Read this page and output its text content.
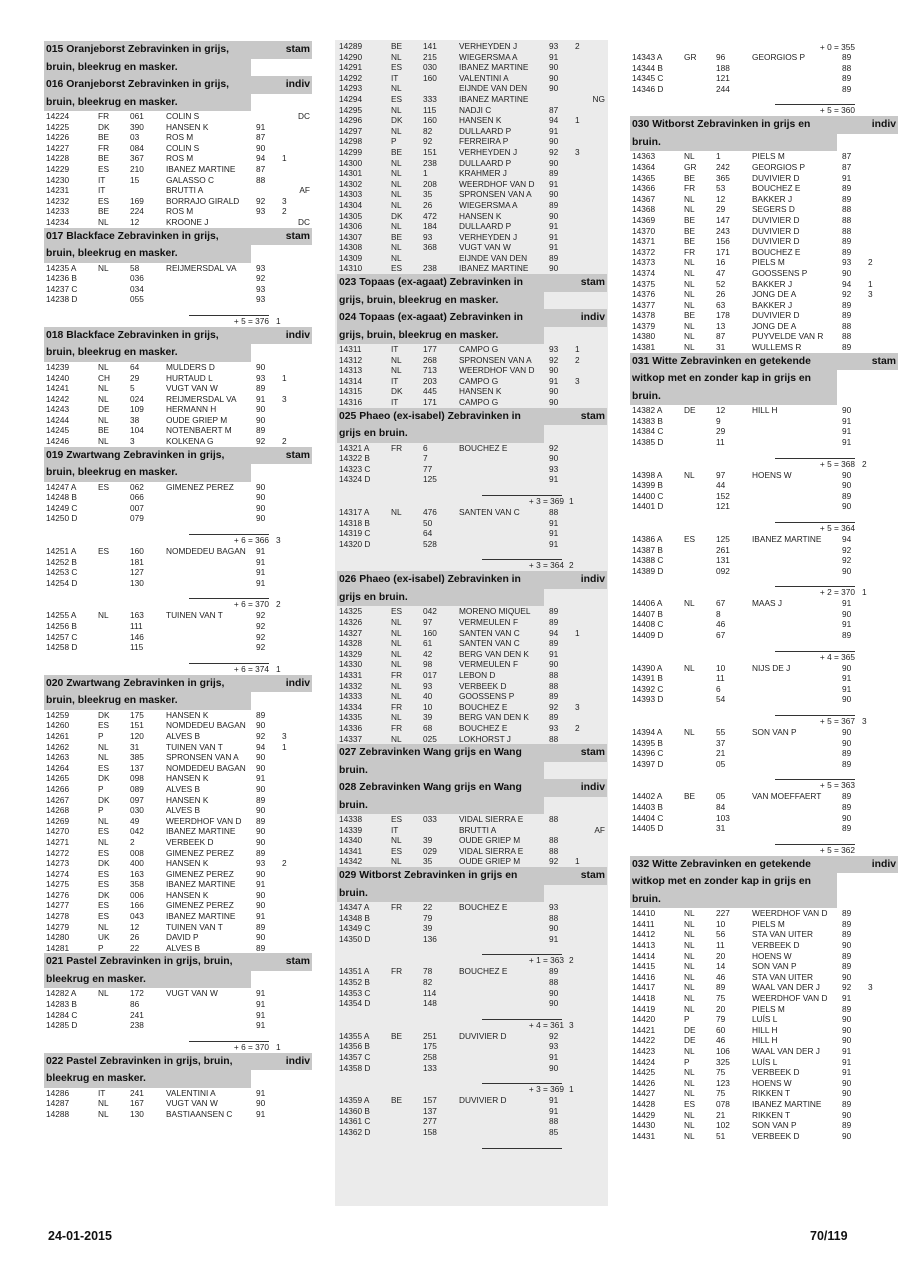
015 Oranjeborst Zebravinken in grijs,	stam
bruin, bleekrug en masker.
016 Oranjeborst Zebravinken in grijs,	indiv
bruin, bleekrug en masker.
14224	FR	061	COLIN S	DC
14225	DK	390	HANSEN K	91
14226	BE	03	ROS M	87
14227	FR	084	COLIN S	90
14228	BE	367	ROS M	94	1
14229	ES	210	IBANEZ MARTINE	87
14230	IT	15	GALASSO C	88
14231	IT	BRUTTI A	AF
14232	ES	169	BORRAJO GIRALD	92	3
14233	BE	224	ROS M	93	2
14234	NL	12	KROONE J	DC
017 Blackface Zebravinken in grijs,	stam
bruin, bleekrug en masker.
14235 A	NL	58	REIJMERSDAL VA	93
14236 B	036	92
14237 C	034	93
14238 D	055	93
+ 5 = 376 1
018 Blackface Zebravinken in grijs,	indiv
bruin, bleekrug en masker.
14239	NL	64	MULDERS D	90
14240	CH	29	HURTAUD L	93	1
14241	NL	5	VUGT VAN W	89
14242	NL	024	REIJMERSDAL VA	91	3
14243	DE	109	HERMANN H	90
14244	NL	38	OUDE GRIEP M	90
14245	BE	104	NOTENBAERT M	89
14246	NL	3	KOLKENA G	92	2
019 Zwartwang Zebravinken in grijs,	stam
bruin, bleekrug en masker.
14247 A	ES	062	GIMENEZ PEREZ	90
14248 B	066	90
14249 C	007	90
14250 D	079	90
+ 6 = 366 3
14251 A	ES	160	NOMDEDEU BAGAN	91
14252 B	181	91
14253 C	127	91
14254 D	130	91
+ 6 = 370 2
14255 A	NL	163	TUINEN VAN T	92
14256 B	111	92
14257 C	146	92
14258 D	115	92
+ 6 = 374 1
020 Zwartwang Zebravinken in grijs,	indiv
bruin, bleekrug en masker.
14259	DK	175	HANSEN K	89
14260	ES	151	NOMDEDEU BAGAN	90
14261	P	120	ALVES B	92	3
14262	NL	31	TUINEN VAN T	94	1
14263	NL	385	SPRONSEN VAN A	90
14264	ES	137	NOMDEDEU BAGAN	90
14265	DK	098	HANSEN K	91
14266	P	089	ALVES B	90
14267	DK	097	HANSEN K	89
14268	P	030	ALVES B	90
14269	NL	49	WEERDHOF VAN D	89
14270	ES	042	IBANEZ MARTINE	90
14271	NL	2	VERBEEK D	90
14272	ES	008	GIMENEZ PEREZ	89
14273	DK	400	HANSEN K	93	2
14274	ES	163	GIMENEZ PEREZ	90
14275	ES	358	IBANEZ MARTINE	91
14276	DK	006	HANSEN K	90
14277	ES	166	GIMENEZ PEREZ	90
14278	ES	043	IBANEZ MARTINE	91
14279	NL	12	TUINEN VAN T	89
14280	UK	26	DAVID P	90
14281	P	22	ALVES B	89
021 Pastel Zebravinken in grijs, bruin,	stam
bleekrug en masker.
14282 A	NL	172	VUGT VAN W	91
14283 B	86	91
14284 C	241	91
14285 D	238	91
+ 6 = 370 1
022 Pastel Zebravinken in grijs, bruin,	indiv
bleekrug en masker.
14286	IT	241	VALENTINI A	91
14287	NL	167	VUGT VAN W	90
14288	NL	130	BASTIAANSEN C	91
14289	BE	141	VERHEYDEN J	93	2
14290	NL	215	WIEGERSMA A	91
14291	ES	030	IBANEZ MARTINE	90
14292	IT	160	VALENTINI A	90
14293	NL	EIJNDE VAN DEN	90
14294	ES	333	IBANEZ MARTINE	NG
14295	NL	115	NADJI C	87
14296	DK	160	HANSEN K	94	1
14297	NL	82	DULLAARD P	91
14298	P	92	FERREIRA P	90
14299	BE	151	VERHEYDEN J	92	3
14300	NL	238	DULLAARD P	90
14301	NL	1	KRAHMER J	89
14302	NL	208	WEERDHOF VAN D	91
14303	NL	35	SPRONSEN VAN A	90
14304	NL	26	WIEGERSMA A	89
14305	DK	472	HANSEN K	90
14306	NL	184	DULLAARD P	91
14307	BE	93	VERHEYDEN J	91
14308	NL	368	VUGT VAN W	91
14309	NL	EIJNDE VAN DEN	89
14310	ES	238	IBANEZ MARTINE	90
023 Topaas (ex-agaat) Zebravinken in	stam
grijs, bruin, bleekrug en masker.
024 Topaas (ex-agaat) Zebravinken in	indiv
grijs, bruin, bleekrug en masker.
14311	IT	177	CAMPO G	93	1
14312	NL	268	SPRONSEN VAN A	92	2
14313	NL	713	WEERDHOF VAN D	90
14314	IT	203	CAMPO G	91	3
14315	DK	445	HANSEN K	90
14316	IT	171	CAMPO G	90
025 Phaeo (ex-isabel) Zebravinken in	stam
grijs en bruin.
14321 A	FR	6	BOUCHEZ E	92
14322 B	7	90
14323 C	77	93
14324 D	125	91
+ 3 = 369 1
14317 A	NL	476	SANTEN VAN C	88
14318 B	50	91
14319 C	64	91
14320 D	528	91
+ 3 = 364 2
026 Phaeo (ex-isabel) Zebravinken in	indiv
grijs en bruin.
14325	ES	042	MORENO MIQUEL	89
14326	NL	97	VERMEULEN F	89
14327	NL	160	SANTEN VAN C	94	1
14328	NL	61	SANTEN VAN C	89
14329	NL	42	BERG VAN DEN K	91
14330	NL	98	VERMEULEN F	90
14331	FR	017	LEBON D	88
14332	NL	93	VERBEEK D	88
14333	NL	40	GOOSSENS P	89
14334	FR	10	BOUCHEZ E	92	3
14335	NL	39	BERG VAN DEN K	89
14336	FR	68	BOUCHEZ E	93	2
14337	NL	025	LOKHORST J	88
027 Zebravinken Wang grijs en Wang	stam
bruin.
028 Zebravinken Wang grijs en Wang	indiv
bruin.
14338	ES	033	VIDAL SIERRA E	88
14339	IT	BRUTTI A	AF
14340	NL	39	OUDE GRIEP M	88
14341	ES	029	VIDAL SIERRA E	88
14342	NL	35	OUDE GRIEP M	92	1
029 Witborst Zebravinken in grijs en	stam
bruin.
14347 A	FR	22	BOUCHEZ E	93
14348 B	79	88
14349 C	39	90
14350 D	136	91
+ 1 = 363 2
14351 A	FR	78	BOUCHEZ E	89
14352 B	82	88
14353 C	114	90
14354 D	148	90
+ 4 = 361 3
14355 A	BE	251	DUVIVIER D	92
14356 B	175	93
14357 C	258	91
14358 D	133	90
+ 3 = 369 1
14359 A	BE	157	DUVIVIER D	91
14360 B	137	91
14361 C	277	88
14362 D	158	85
+ 0 = 355
14343 A	GR	96	GEORGIOS P	89
14344 B	188	88
14345 C	121	89
14346 D	244	89
+ 5 = 360
030 Witborst Zebravinken in grijs en	indiv
bruin.
14363	NL	1	PIELS M	87
14364	GR	242	GEORGIOS P	87
14365	BE	365	DUVIVIER D	91
14366	FR	53	BOUCHEZ E	89
14367	NL	12	BAKKER J	89
14368	NL	29	SEGERS D	88
14369	BE	147	DUVIVIER D	88
14370	BE	243	DUVIVIER D	88
14371	BE	156	DUVIVIER D	89
14372	FR	171	BOUCHEZ E	89
14373	NL	16	PIELS M	93	2
14374	NL	47	GOOSSENS P	90
14375	NL	52	BAKKER J	94	1
14376	NL	26	JONG DE A	92	3
14377	NL	63	BAKKER J	89
14378	BE	178	DUVIVIER D	89
14379	NL	13	JONG DE A	88
14380	NL	87	PUYVELDE VAN R	88
14381	NL	31	WULLEMS R	89
031 Witte Zebravinken en getekende	stam
witkop met en zonder kap in grijs en
bruin.
14382 A	DE	12	HILL H	90
14383 B	9	91
14384 C	29	91
14385 D	11	91
+ 5 = 368 2
14398 A	NL	97	HOENS W	90
14399 B	44	90
14400 C	152	89
14401 D	121	90
+ 5 = 364
14386 A	ES	125	IBANEZ MARTINE	94
14387 B	261	92
14388 C	131	92
14389 D	092	90
+ 2 = 370 1
14406 A	NL	67	MAAS J	91
14407 B	8	90
14408 C	46	91
14409 D	67	89
+ 4 = 365
14390 A	NL	10	NIJS DE J	90
14391 B	11	91
14392 C	6	91
14393 D	54	90
+ 5 = 367 3
14394 A	NL	55	SON VAN P	90
14395 B	37	90
14396 C	21	89
14397 D	05	89
+ 5 = 363
14402 A	BE	05	VAN MOEFFAERT	89
14403 B	84	89
14404 C	103	90
14405 D	31	89
+ 5 = 362
032 Witte Zebravinken en getekende	indiv
witkop met en zonder kap in grijs en
bruin.
14410	NL	227	WEERDHOF VAN D	89
14411	NL	10	PIELS M	89
14412	NL	56	STA VAN UITER	89
14413	NL	11	VERBEEK D	90
14414	NL	20	HOENS W	89
14415	NL	14	SON VAN P	89
14416	NL	46	STA VAN UITER	90
14417	NL	89	WAAL VAN DER J	92	3
14418	NL	75	WEERDHOF VAN D	91
14419	NL	20	PIELS M	89
14420	P	79	LUÍS L	90
14421	DE	60	HILL H	90
14422	DE	46	HILL H	90
14423	NL	106	WAAL VAN DER J	91
14424	P	325	LUÍS L	91
14425	NL	75	VERBEEK D	91
14426	NL	123	HOENS W	90
14427	NL	75	RIKKEN T	90
14428	ES	078	IBANEZ MARTINE	89
14429	NL	21	RIKKEN T	90
14430	NL	102	SON VAN P	89
14431	NL	51	VERBEEK D	90
24-01-2015	70/119
